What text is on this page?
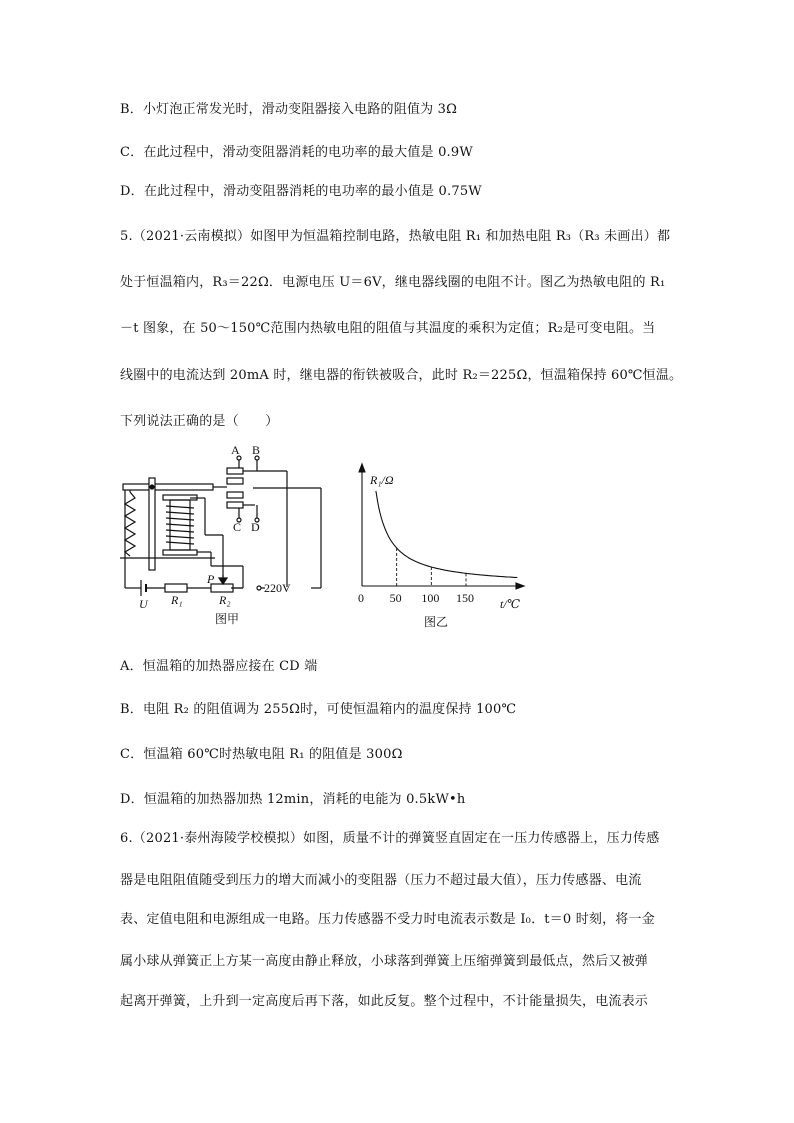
B．小灯泡正常发光时，滑动变阻器接入电路的阻值为 3Ω
C．在此过程中，滑动变阻器消耗的电功率的最大值是 0.9W
D．在此过程中，滑动变阻器消耗的电功率的最小值是 0.75W
5.（2021·云南模拟）如图甲为恒温箱控制电路，热敏电阻 R₁ 和加热电阻 R₃（R₃ 未画出）都
处于恒温箱内，R₃＝22Ω．电源电压 U＝6V，继电器线圈的电阻不计。图乙为热敏电阻的 R₁
－t 图象，在 50～150℃范围内热敏电阻的阻值与其温度的乘积为定值；R₂是可变电阻。当
线圈中的电流达到 20mA 时，继电器的衔铁被吸合，此时 R₂＝225Ω，恒温箱保持 60℃恒温。
下列说法正确的是（　　）
A B
C D
P
U R₁	R₂
220V
图甲
50 100 150
R₁/Ω
0	t/℃
图乙
A．恒温箱的加热器应接在 CD 端
B．电阻 R₂ 的阻值调为 255Ω时，可使恒温箱内的温度保持 100℃
C．恒温箱 60℃时热敏电阻 R₁ 的阻值是 300Ω
D．恒温箱的加热器加热 12min，消耗的电能为 0.5kW•h
6.（2021·泰州海陵学校模拟）如图，质量不计的弹簧竖直固定在一压力传感器上，压力传感
器是电阻阻值随受到压力的增大而减小的变阻器（压力不超过最大值），压力传感器、电流
表、定值电阻和电源组成一电路。压力传感器不受力时电流表示数是 I₀．t＝0 时刻，将一金
属小球从弹簧正上方某一高度由静止释放，小球落到弹簧上压缩弹簧到最低点，然后又被弹
起离开弹簧，上升到一定高度后再下落，如此反复。整个过程中，不计能量损失，电流表示
